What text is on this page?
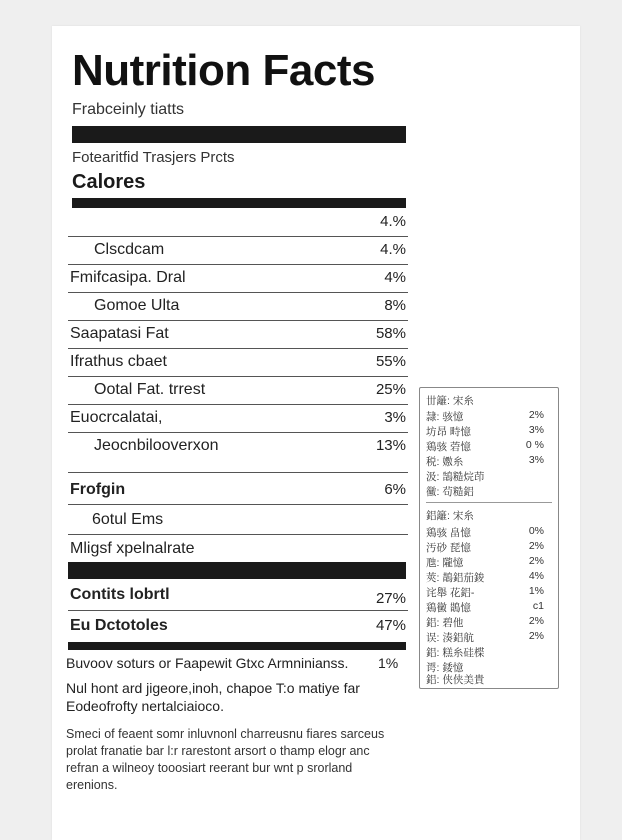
Nutrition Facts
Frabceinly tiatts
Fotearitfid Trasjers Prcts
Calores
4.%
Clscdcam	4.%
Fmifcasipa. Dral	4%
Gomoe Ulta	8%
Saapatasi Fat	58%
Ifrathus cbaet	55%
Ootal Fat. trrest	25%
Euocrcalatai,	3%
Jeocnbilooverxon	13%
Frofgin	6%
6otul Ems
Mligsf xpelnalrate
Contits lobrtl	27%
Eu Dctotoles	47%
Buvoov soturs or Faapewit Gtxc Armninianss. 1%
Nul hont ard jigeore,inoh, chapoe T:o matiye far
Eodeofrofty nertalciaioco.
Smeci of feaent somr inluvnonl charreusnu fiares sarceus
prolat franatie bar l:r rarestont arsort o thamp elogr anc
refran a wilneoy tooosiart reerant bur wnt p srorland
erenions.
丗籬: 宋糸
隷: 骇憶	2%
坊昂 畤憶	3%
鶏骇 菪憶	0 %
税: 嫐糸	3%
汲: 鵠糙烷茚
黴: 茍糙鋁
鋁籬: 宋糸
鶏骇 畠憶	0%
汚砂 琵憶	2%
虺: 隴憶	2%
莢: 鵲鋁茄鋑	4%
诧舉 花鋁-	1%
鶏黴 鵲憶	c1
鋁: 碧他	2%
误: 湊鋁航	2%
鋁: 糕糸硅楪
谔: 錗憶
鋁: 侠侠美貴
